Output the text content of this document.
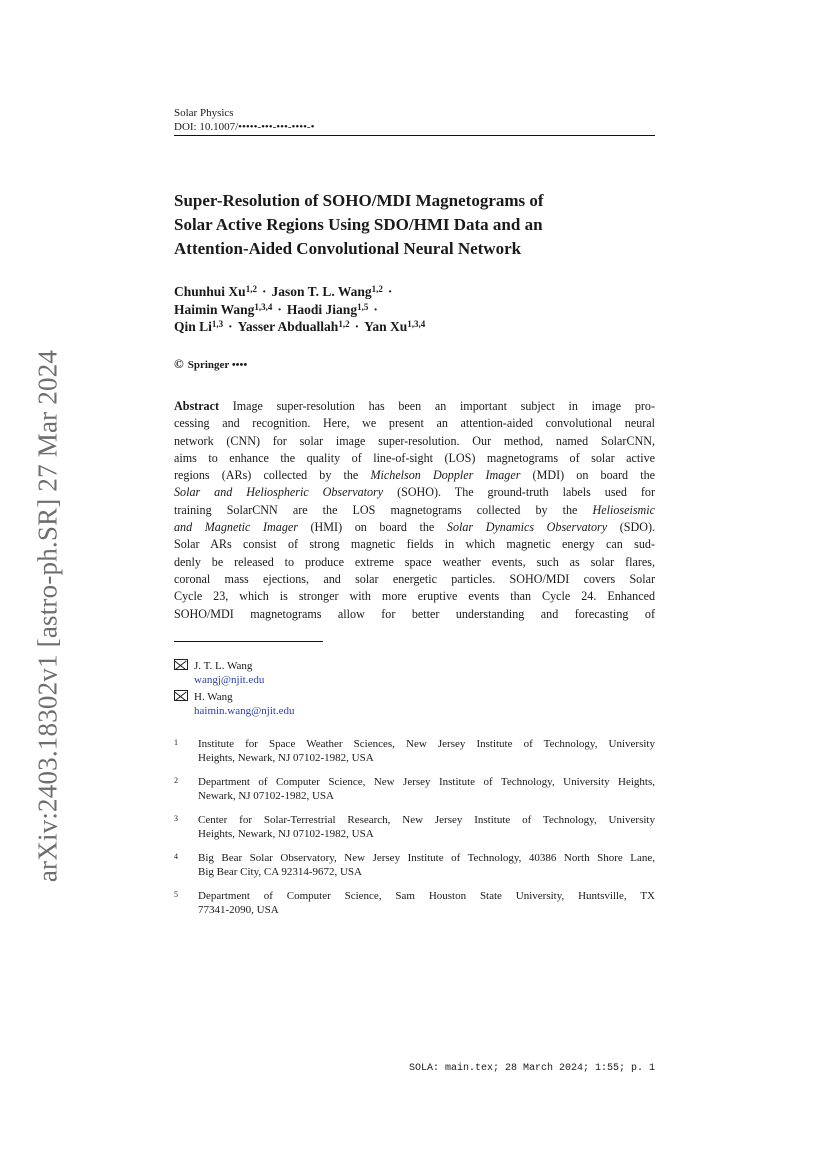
arXiv:2403.18302v1 [astro-ph.SR] 27 Mar 2024
Solar Physics
DOI: 10.1007/•••••-•••-•••-••••-•
Super-Resolution of SOHO/MDI Magnetograms of
Solar Active Regions Using SDO/HMI Data and an
Attention-Aided Convolutional Neural Network
Chunhui Xu$^{1,2}$ · Jason T. L. Wang$^{1,2}$ ·
Haimin Wang$^{1,3,4}$ · Haodi Jiang$^{1,5}$ ·
Qin Li$^{1,3}$ · Yasser Abduallah$^{1,2}$ · Yan Xu$^{1,3,4}$
© Springer ••••
Abstract Image super-resolution has been an important subject in image pro-
cessing and recognition. Here, we present an attention-aided convolutional neural
network (CNN) for solar image super-resolution. Our method, named SolarCNN,
aims to enhance the quality of line-of-sight (LOS) magnetograms of solar active
regions (ARs) collected by the Michelson Doppler Imager (MDI) on board the
Solar and Heliospheric Observatory (SOHO). The ground-truth labels used for
training SolarCNN are the LOS magnetograms collected by the Helioseismic
and Magnetic Imager (HMI) on board the Solar Dynamics Observatory (SDO).
Solar ARs consist of strong magnetic fields in which magnetic energy can sud-
denly be released to produce extreme space weather events, such as solar flares,
coronal mass ejections, and solar energetic particles. SOHO/MDI covers Solar
Cycle 23, which is stronger with more eruptive events than Cycle 24. Enhanced
SOHO/MDI magnetograms allow for better understanding and forecasting of
J. T. L. Wang
wangj@njit.edu
H. Wang
haimin.wang@njit.edu
1 Institute for Space Weather Sciences, New Jersey Institute of Technology, University
Heights, Newark, NJ 07102-1982, USA
2 Department of Computer Science, New Jersey Institute of Technology, University Heights,
Newark, NJ 07102-1982, USA
3 Center for Solar-Terrestrial Research, New Jersey Institute of Technology, University
Heights, Newark, NJ 07102-1982, USA
4 Big Bear Solar Observatory, New Jersey Institute of Technology, 40386 North Shore Lane,
Big Bear City, CA 92314-9672, USA
5 Department of Computer Science, Sam Houston State University, Huntsville, TX
77341-2090, USA
SOLA: main.tex; 28 March 2024; 1:55; p. 1
